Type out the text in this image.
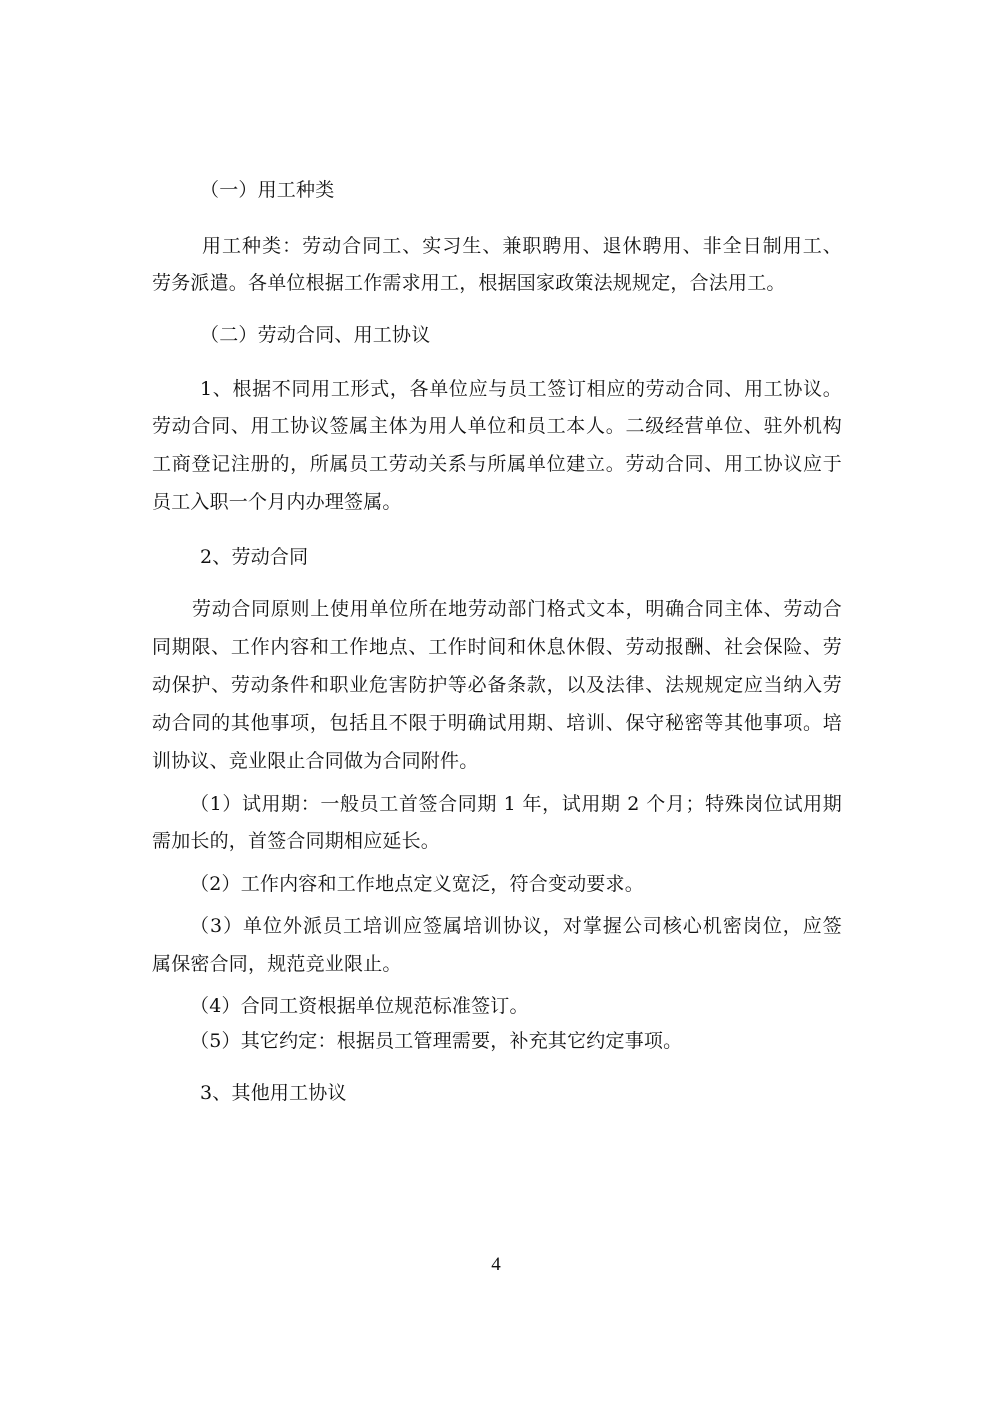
（一）用工种类
用工种类：劳动合同工、实习生、兼职聘用、退休聘用、非全日制用工、
劳务派遣。各单位根据工作需求用工，根据国家政策法规规定，合法用工。
（二）劳动合同、用工协议
1、根据不同用工形式，各单位应与员工签订相应的劳动合同、用工协议。
劳动合同、用工协议签属主体为用人单位和员工本人。二级经营单位、驻外机构
工商登记注册的，所属员工劳动关系与所属单位建立。劳动合同、用工协议应于
员工入职一个月内办理签属。
2、劳动合同
劳动合同原则上使用单位所在地劳动部门格式文本，明确合同主体、劳动合
同期限、工作内容和工作地点、工作时间和休息休假、劳动报酬、社会保险、劳
动保护、劳动条件和职业危害防护等必备条款，以及法律、法规规定应当纳入劳
动合同的其他事项，包括且不限于明确试用期、培训、保守秘密等其他事项。培
训协议、竞业限止合同做为合同附件。
（1）试用期：一般员工首签合同期 1 年，试用期 2 个月；特殊岗位试用期
需加长的，首签合同期相应延长。
（2）工作内容和工作地点定义宽泛，符合变动要求。
（3）单位外派员工培训应签属培训协议，对掌握公司核心机密岗位，应签
属保密合同，规范竞业限止。
（4）合同工资根据单位规范标准签订。
（5）其它约定：根据员工管理需要，补充其它约定事项。
3、其他用工协议
4
